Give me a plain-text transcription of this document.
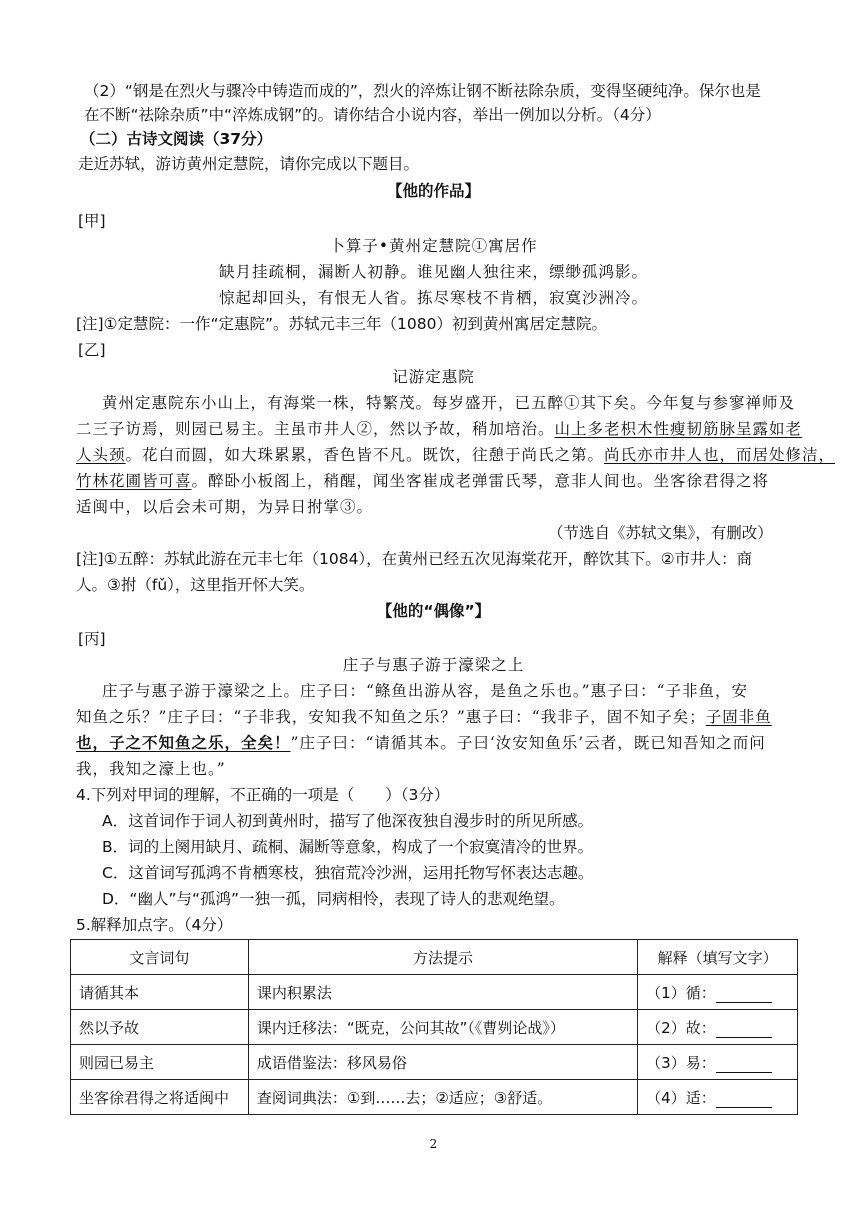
（2）“钢是在烈火与骤冷中铸造而成的”，烈火的淬炼让钢不断祛除杂质，变得坚硬纯净。保尔也是
在不断“祛除杂质”中“淬炼成钢”的。请你结合小说内容，举出一例加以分析。（4分）
（二）古诗文阅读（37分）
走近苏轼，游访黄州定慧院，请你完成以下题目。
【他的作品】
[甲]
卜算子•黄州定慧院①寓居作
缺月挂疏桐，漏断人初静。谁见幽人独往来，缥缈孤鸿影。
惊起却回头，有恨无人省。拣尽寒枝不肯栖，寂寞沙洲冷。
[注]①定慧院：一作“定惠院”。苏轼元丰三年（1080）初到黄州寓居定慧院。
[乙]
记游定惠院
黄州定惠院东小山上，有海棠一株，特繁茂。每岁盛开，已五醉①其下矣。今年复与参寥禅师及
二三子访焉，则园已易主。主虽市井人②，然以予故，稍加培治。山上多老枳木性瘦韧筋脉呈露如老
人头颈。花白而圆，如大珠累累，香色皆不凡。既饮，往憩于尚氏之第。尚氏亦市井人也，而居处修洁，
竹林花圃皆可喜。醉卧小板阁上，稍醒，闻坐客崔成老弹雷氏琴，意非人间也。坐客徐君得之将
适闽中，以后会未可期，为异日拊掌③。
（节选自《苏轼文集》，有删改）
[注]①五醉：苏轼此游在元丰七年（1084），在黄州已经五次见海棠花开，醉饮其下。②市井人：商
人。③拊（fǔ），这里指开怀大笑。
【他的“偶像”】
[丙]
庄子与惠子游于濠梁之上
庄子与惠子游于濠梁之上。庄子曰：“鲦鱼出游从容，是鱼之乐也。”惠子曰：“子非鱼，安
知鱼之乐？”庄子曰：“子非我，安知我不知鱼之乐？”惠子曰：“我非子，固不知子矣；子固非鱼
也，子之不知鱼之乐，全矣！”庄子曰：“请循其本。子曰‘汝安知鱼乐’云者，既已知吾知之而问
我，我知之濠上也。”
4.下列对甲词的理解，不正确的一项是（　　）（3分）
A．这首词作于词人初到黄州时，描写了他深夜独自漫步时的所见所感。
B．词的上阕用缺月、疏桐、漏断等意象，构成了一个寂寞清冷的世界。
C．这首词写孤鸿不肯栖寒枝，独宿荒冷沙洲，运用托物写怀表达志趣。
D．“幽人”与“孤鸿”一独一孤，同病相怜，表现了诗人的悲观绝望。
5.解释加点字。（4分）
文言词句	方法提示	解释（填写文字）
请循其本	课内积累法	（1）循：
然以予故	课内迁移法：“既克，公问其故”（《曹刿论战》）	（2）故：
则园已易主	成语借鉴法：移风易俗	（3）易：
坐客徐君得之将适闽中	查阅词典法：①到……去；②适应；③舒适。	（4）适：
2
